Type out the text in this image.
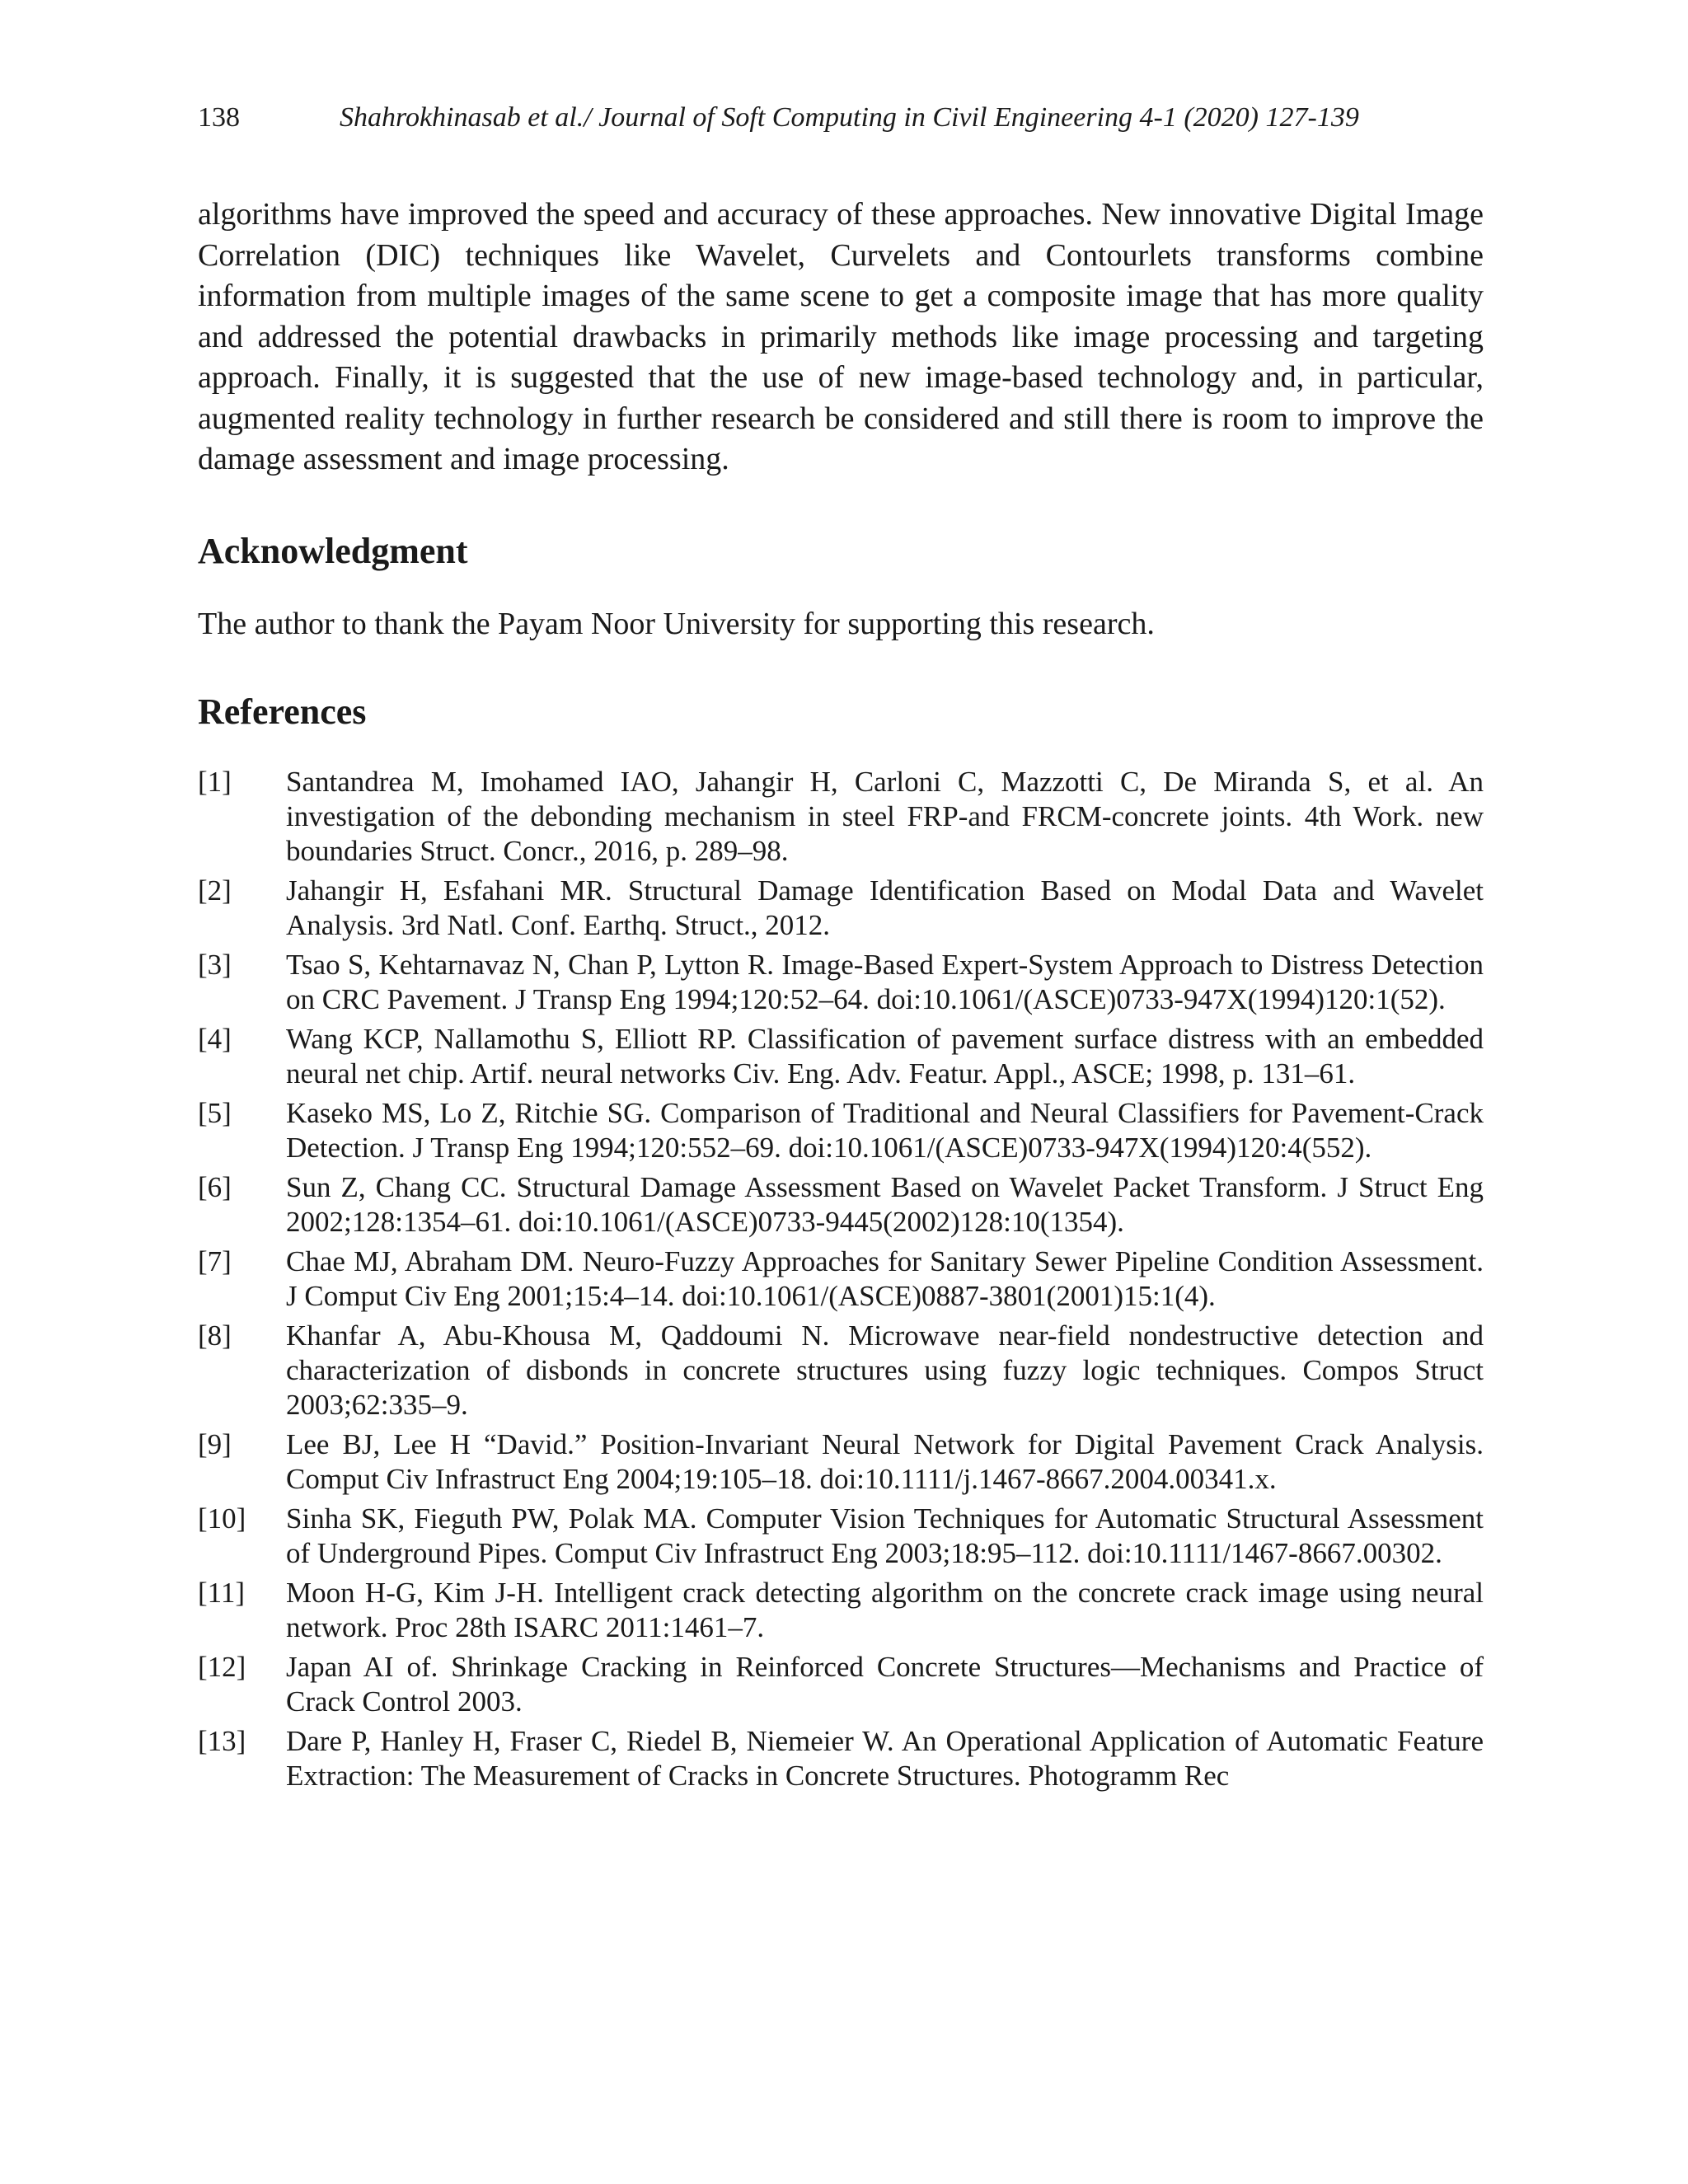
138	Shahrokhinasab et al./ Journal of Soft Computing in Civil Engineering 4-1 (2020) 127-139

algorithms have improved the speed and accuracy of these approaches. New innovative Digital Image Correlation (DIC) techniques like Wavelet, Curvelets and Contourlets transforms combine information from multiple images of the same scene to get a composite image that has more quality and addressed the potential drawbacks in primarily methods like image processing and targeting approach. Finally, it is suggested that the use of new image-based technology and, in particular, augmented reality technology in further research be considered and still there is room to improve the damage assessment and image processing.

Acknowledgment

The author to thank the Payam Noor University for supporting this research.

References
[1]	Santandrea M, Imohamed IAO, Jahangir H, Carloni C, Mazzotti C, De Miranda S, et al. An investigation of the debonding mechanism in steel FRP-and FRCM-concrete joints. 4th Work. new boundaries Struct. Concr., 2016, p. 289–98.
[2]	Jahangir H, Esfahani MR. Structural Damage Identification Based on Modal Data and Wavelet Analysis. 3rd Natl. Conf. Earthq. Struct., 2012.
[3]	Tsao S, Kehtarnavaz N, Chan P, Lytton R. Image-Based Expert-System Approach to Distress Detection on CRC Pavement. J Transp Eng 1994;120:52–64. doi:10.1061/(ASCE)0733-947X(1994)120:1(52).
[4]	Wang KCP, Nallamothu S, Elliott RP. Classification of pavement surface distress with an embedded neural net chip. Artif. neural networks Civ. Eng. Adv. Featur. Appl., ASCE; 1998, p. 131–61.
[5]	Kaseko MS, Lo Z, Ritchie SG. Comparison of Traditional and Neural Classifiers for Pavement-Crack Detection. J Transp Eng 1994;120:552–69. doi:10.1061/(ASCE)0733-947X(1994)120:4(552).
[6]	Sun Z, Chang CC. Structural Damage Assessment Based on Wavelet Packet Transform. J Struct Eng 2002;128:1354–61. doi:10.1061/(ASCE)0733-9445(2002)128:10(1354).
[7]	Chae MJ, Abraham DM. Neuro-Fuzzy Approaches for Sanitary Sewer Pipeline Condition Assessment. J Comput Civ Eng 2001;15:4–14. doi:10.1061/(ASCE)0887-3801(2001)15:1(4).
[8]	Khanfar A, Abu-Khousa M, Qaddoumi N. Microwave near-field nondestructive detection and characterization of disbonds in concrete structures using fuzzy logic techniques. Compos Struct 2003;62:335–9.
[9]	Lee BJ, Lee H “David.” Position-Invariant Neural Network for Digital Pavement Crack Analysis. Comput Civ Infrastruct Eng 2004;19:105–18. doi:10.1111/j.1467-8667.2004.00341.x.
[10]	Sinha SK, Fieguth PW, Polak MA. Computer Vision Techniques for Automatic Structural Assessment of Underground Pipes. Comput Civ Infrastruct Eng 2003;18:95–112. doi:10.1111/1467-8667.00302.
[11]	Moon H-G, Kim J-H. Intelligent crack detecting algorithm on the concrete crack image using neural network. Proc 28th ISARC 2011:1461–7.
[12]	Japan AI of. Shrinkage Cracking in Reinforced Concrete Structures—Mechanisms and Practice of Crack Control 2003.
[13]	Dare P, Hanley H, Fraser C, Riedel B, Niemeier W. An Operational Application of Automatic Feature Extraction: The Measurement of Cracks in Concrete Structures. Photogramm Rec
